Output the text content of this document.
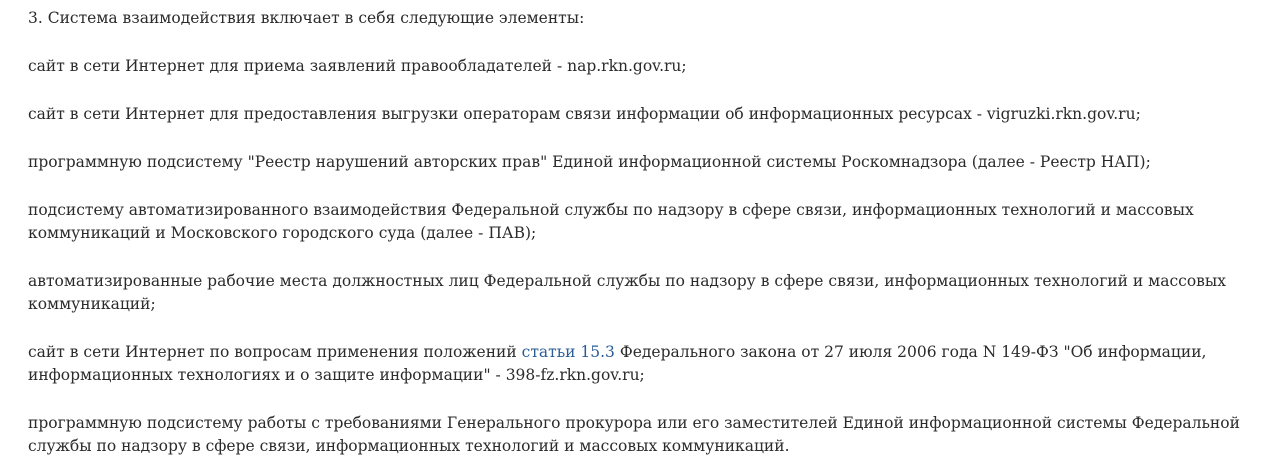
3. Система взаимодействия включает в себя следующие элементы:

сайт в сети Интернет для приема заявлений правообладателей - nap.rkn.gov.ru;

сайт в сети Интернет для предоставления выгрузки операторам связи информации об информационных ресурсах - vigruzki.rkn.gov.ru;

программную подсистему "Реестр нарушений авторских прав" Единой информационной системы Роскомнадзора (далее - Реестр НАП);

подсистему автоматизированного взаимодействия Федеральной службы по надзору в сфере связи, информационных технологий и массовых коммуникаций и Московского городского суда (далее - ПАВ);

автоматизированные рабочие места должностных лиц Федеральной службы по надзору в сфере связи, информационных технологий и массовых коммуникаций;

сайт в сети Интернет по вопросам применения положений статьи 15.3 Федерального закона от 27 июля 2006 года N 149-ФЗ "Об информации, информационных технологиях и о защите информации" - 398-fz.rkn.gov.ru;

программную подсистему работы с требованиями Генерального прокурора или его заместителей Единой информационной системы Федеральной службы по надзору в сфере связи, информационных технологий и массовых коммуникаций.
